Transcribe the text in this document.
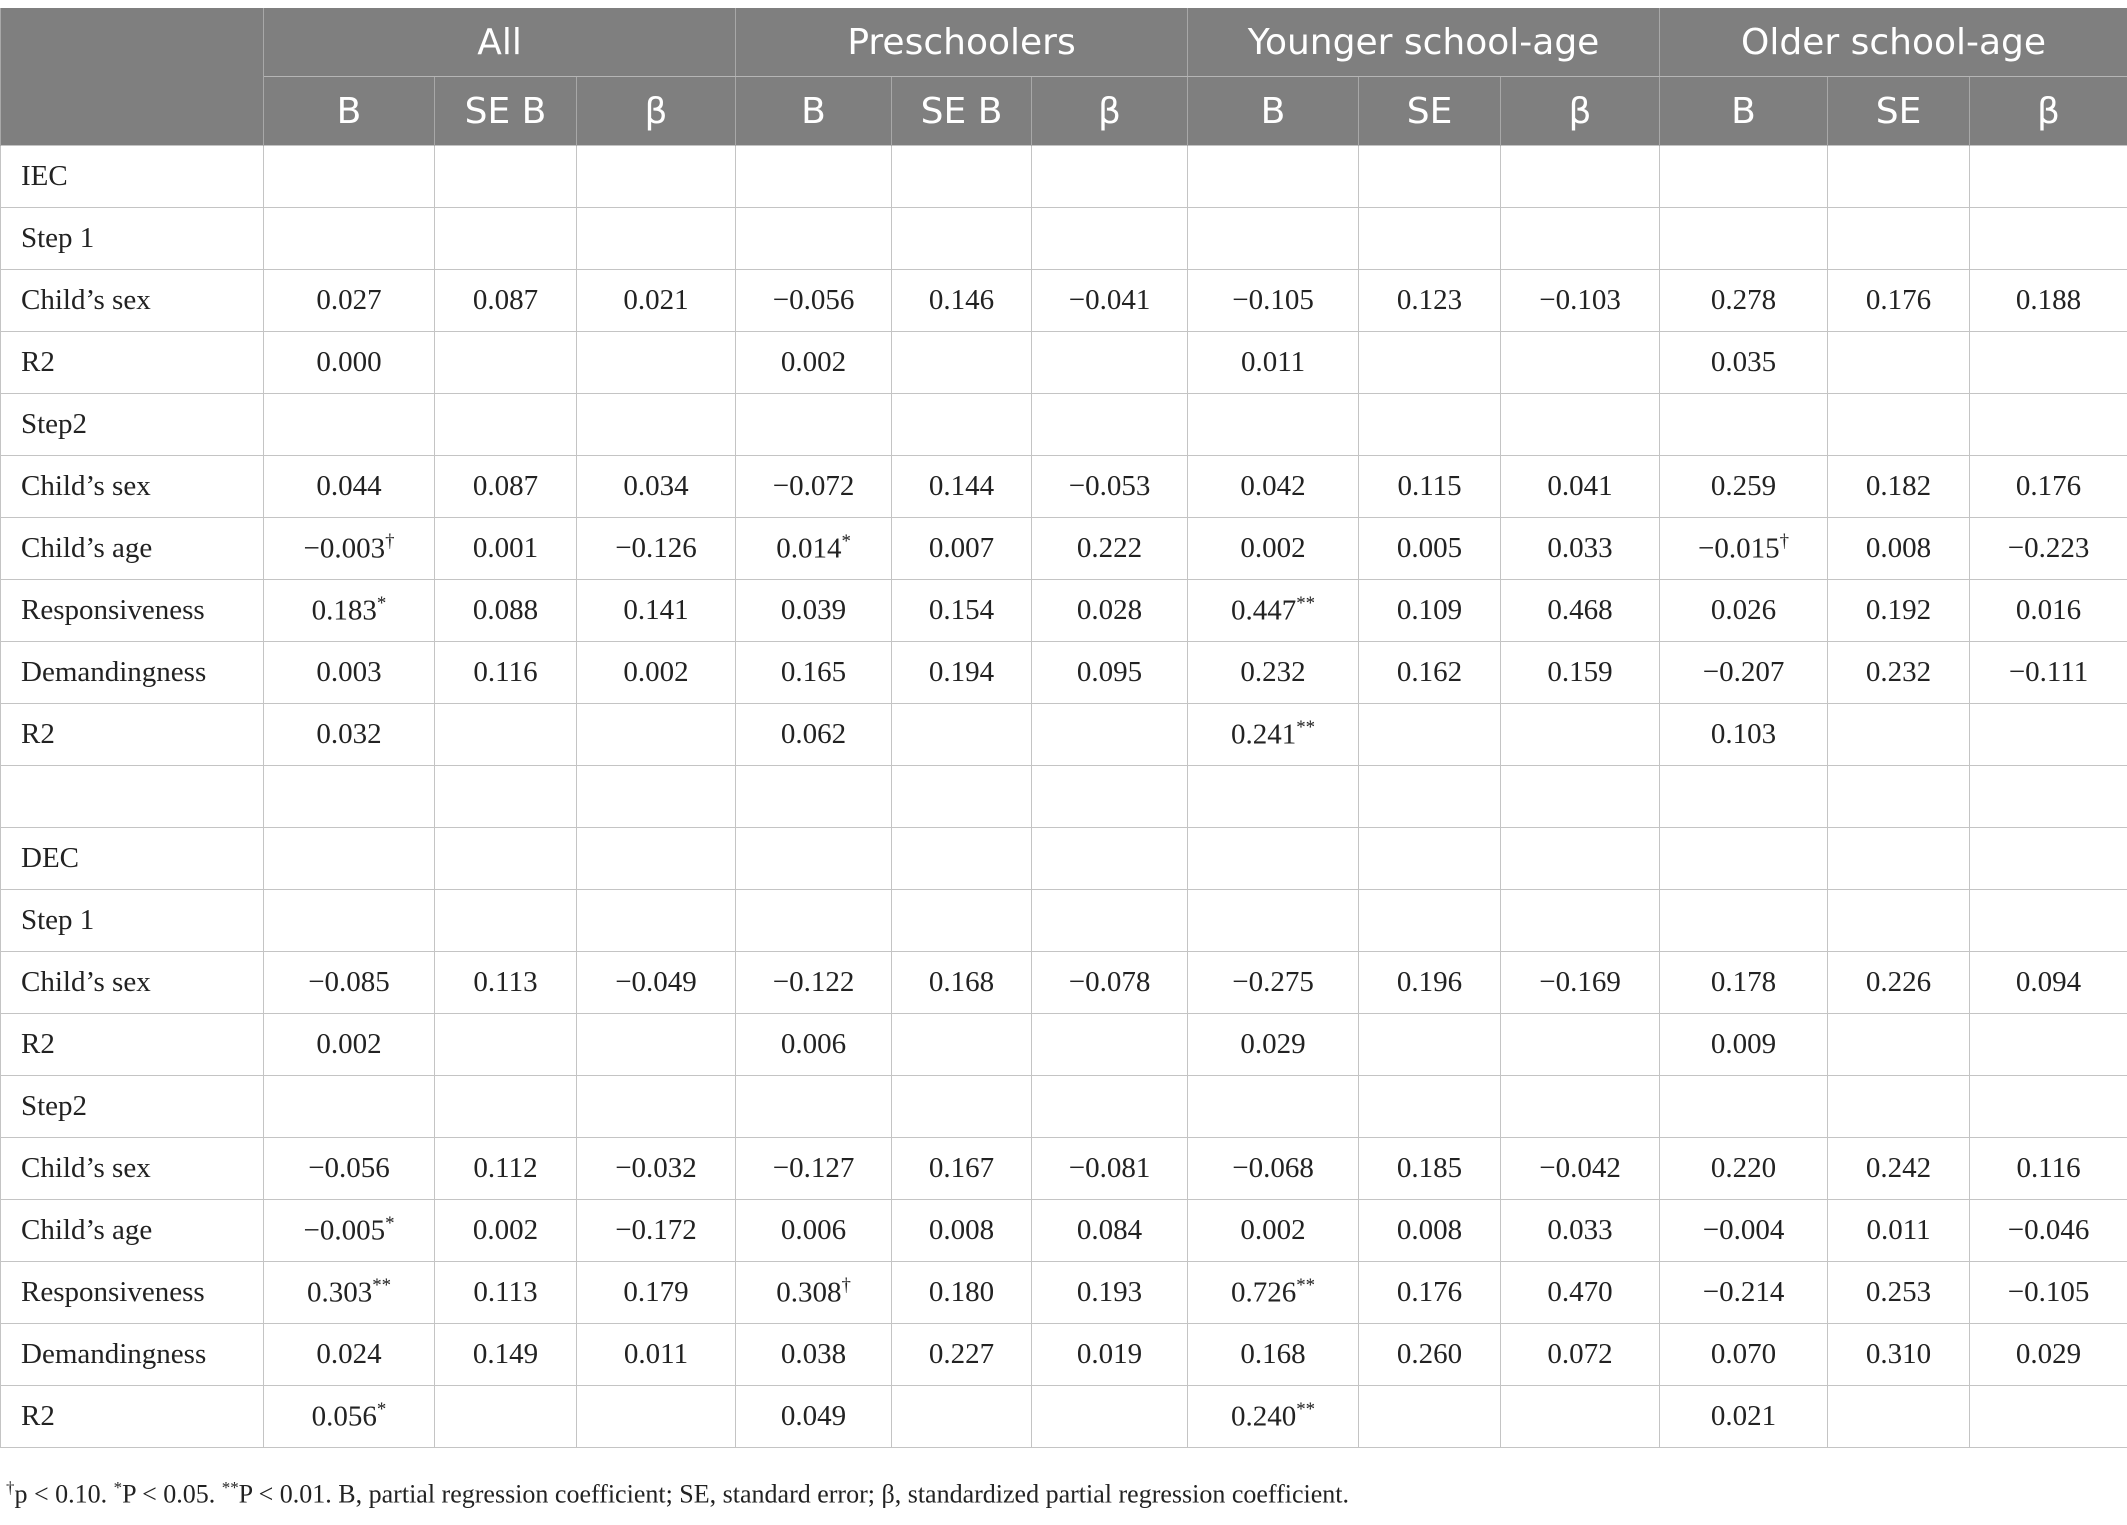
	All			Preschoolers			Younger school-age			Older school-age		
	B	SE B	β	B	SE B	β	B	SE	β	B	SE	β
IEC												
Step 1												
Child’s sex	0.027	0.087	0.021	−0.056	0.146	−0.041	−0.105	0.123	−0.103	0.278	0.176	0.188
R2	0.000			0.002			0.011			0.035		
Step2												
Child’s sex	0.044	0.087	0.034	−0.072	0.144	−0.053	0.042	0.115	0.041	0.259	0.182	0.176
Child’s age	−0.003†	0.001	−0.126	0.014*	0.007	0.222	0.002	0.005	0.033	−0.015†	0.008	−0.223
Responsiveness	0.183*	0.088	0.141	0.039	0.154	0.028	0.447**	0.109	0.468	0.026	0.192	0.016
Demandingness	0.003	0.116	0.002	0.165	0.194	0.095	0.232	0.162	0.159	−0.207	0.232	−0.111
R2	0.032			0.062			0.241**			0.103		

DEC												
Step 1												
Child’s sex	−0.085	0.113	−0.049	−0.122	0.168	−0.078	−0.275	0.196	−0.169	0.178	0.226	0.094
R2	0.002			0.006			0.029			0.009		
Step2												
Child’s sex	−0.056	0.112	−0.032	−0.127	0.167	−0.081	−0.068	0.185	−0.042	0.220	0.242	0.116
Child’s age	−0.005*	0.002	−0.172	0.006	0.008	0.084	0.002	0.008	0.033	−0.004	0.011	−0.046
Responsiveness	0.303**	0.113	0.179	0.308†	0.180	0.193	0.726**	0.176	0.470	−0.214	0.253	−0.105
Demandingness	0.024	0.149	0.011	0.038	0.227	0.019	0.168	0.260	0.072	0.070	0.310	0.029
R2	0.056*			0.049			0.240**			0.021		
†p < 0.10. *P < 0.05. **P < 0.01. B, partial regression coefficient; SE, standard error; β, standardized partial regression coefficient.
